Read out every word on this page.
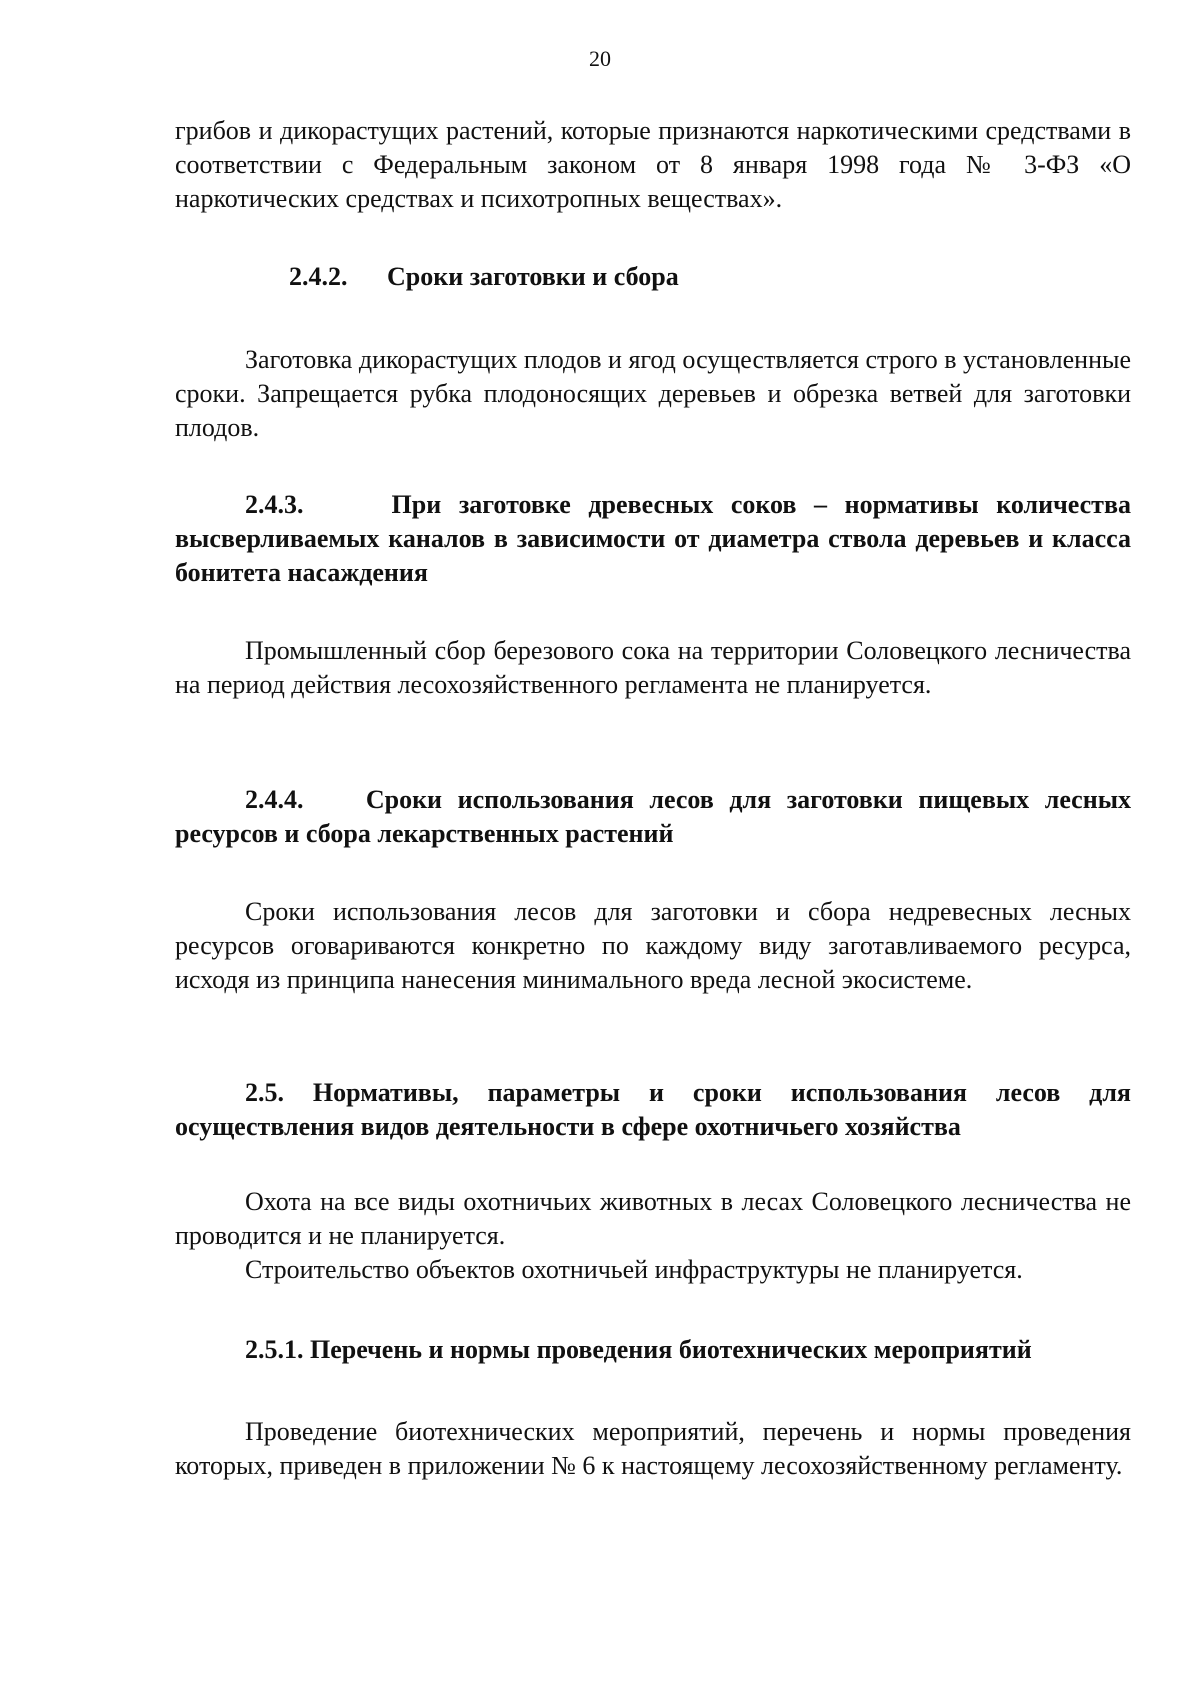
20

грибов и дикорастущих растений, которые признаются наркотическими средствами в соответствии с Федеральным законом от 8 января 1998 года № 3-ФЗ «О наркотических средствах и психотропных веществах».

2.4.2. Сроки заготовки и сбора

Заготовка дикорастущих плодов и ягод осуществляется строго в установленные сроки. Запрещается рубка плодоносящих деревьев и обрезка ветвей для заготовки плодов.

2.4.3.	При заготовке древесных соков – нормативы количества высверливаемых каналов в зависимости от диаметра ствола деревьев и класса бонитета насаждения

Промышленный сбор березового сока на территории Соловецкого лесничества на период действия лесохозяйственного регламента не планируется.

2.4.4. Сроки использования лесов для заготовки пищевых лесных ресурсов и сбора лекарственных растений

Сроки использования лесов для заготовки и сбора недревесных лесных ресурсов оговариваются конкретно по каждому виду заготавливаемого ресурса, исходя из принципа нанесения минимального вреда лесной экосистеме.

2.5. Нормативы, параметры и сроки использования лесов для осуществления видов деятельности в сфере охотничьего хозяйства

Охота на все виды охотничьих животных в лесах Соловецкого лесничества не проводится и не планируется.

Строительство объектов охотничьей инфраструктуры не планируется.

2.5.1. Перечень и нормы проведения биотехнических мероприятий

Проведение биотехнических мероприятий, перечень и нормы проведения которых, приведен в приложении № 6 к настоящему лесохозяйственному регламенту.
